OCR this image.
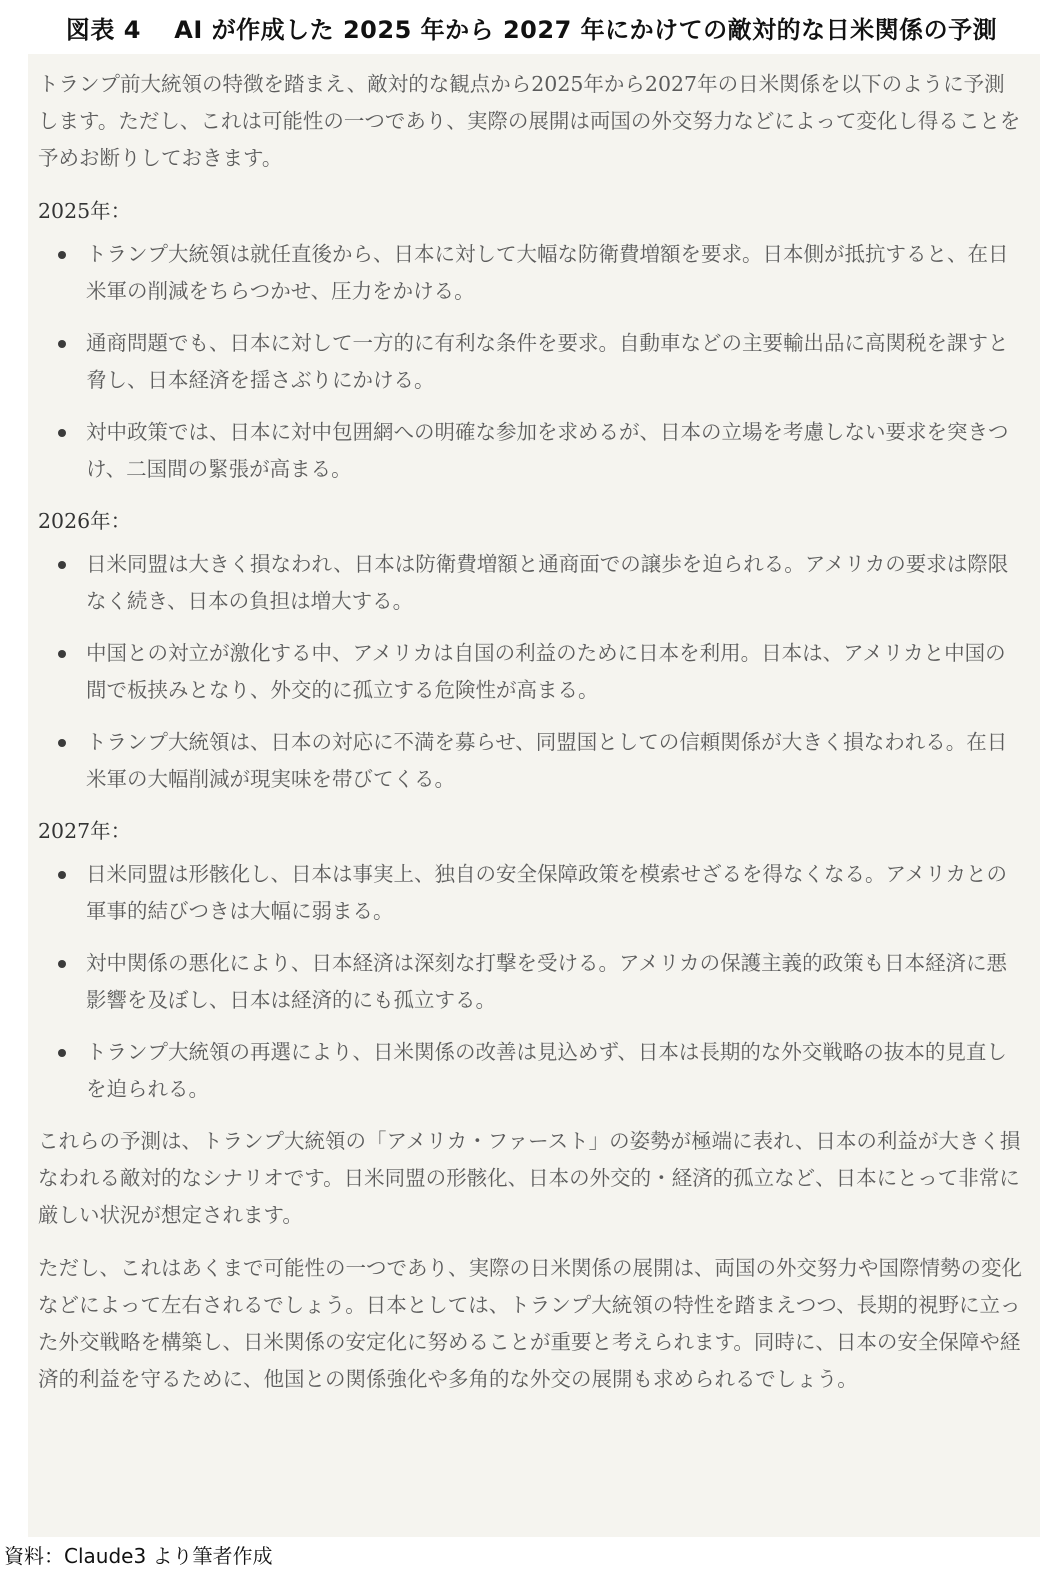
図表 4　 AI が作成した 2025 年から 2027 年にかけての敵対的な日米関係の予測

トランプ前大統領の特徴を踏まえ、敵対的な観点から2025年から2027年の日米関係を以下のように予測します。ただし、これは可能性の一つであり、実際の展開は両国の外交努力などによって変化し得ることを予めお断りしておきます。

2025年：
トランプ大統領は就任直後から、日本に対して大幅な防衛費増額を要求。日本側が抵抗すると、在日米軍の削減をちらつかせ、圧力をかける。
通商問題でも、日本に対して一方的に有利な条件を要求。自動車などの主要輸出品に高関税を課すと脅し、日本経済を揺さぶりにかける。
対中政策では、日本に対中包囲網への明確な参加を求めるが、日本の立場を考慮しない要求を突きつけ、二国間の緊張が高まる。
2026年：
日米同盟は大きく損なわれ、日本は防衛費増額と通商面での譲歩を迫られる。アメリカの要求は際限なく続き、日本の負担は増大する。
中国との対立が激化する中、アメリカは自国の利益のために日本を利用。日本は、アメリカと中国の間で板挟みとなり、外交的に孤立する危険性が高まる。
トランプ大統領は、日本の対応に不満を募らせ、同盟国としての信頼関係が大きく損なわれる。在日米軍の大幅削減が現実味を帯びてくる。
2027年：
日米同盟は形骸化し、日本は事実上、独自の安全保障政策を模索せざるを得なくなる。アメリカとの軍事的結びつきは大幅に弱まる。
対中関係の悪化により、日本経済は深刻な打撃を受ける。アメリカの保護主義的政策も日本経済に悪影響を及ぼし、日本は経済的にも孤立する。
トランプ大統領の再選により、日米関係の改善は見込めず、日本は長期的な外交戦略の抜本的見直しを迫られる。

これらの予測は、トランプ大統領の「アメリカ・ファースト」の姿勢が極端に表れ、日本の利益が大きく損なわれる敵対的なシナリオです。日米同盟の形骸化、日本の外交的・経済的孤立など、日本にとって非常に厳しい状況が想定されます。

ただし、これはあくまで可能性の一つであり、実際の日米関係の展開は、両国の外交努力や国際情勢の変化などによって左右されるでしょう。日本としては、トランプ大統領の特性を踏まえつつ、長期的視野に立った外交戦略を構築し、日米関係の安定化に努めることが重要と考えられます。同時に、日本の安全保障や経済的利益を守るために、他国との関係強化や多角的な外交の展開も求められるでしょう。

資料：Claude3 より筆者作成
